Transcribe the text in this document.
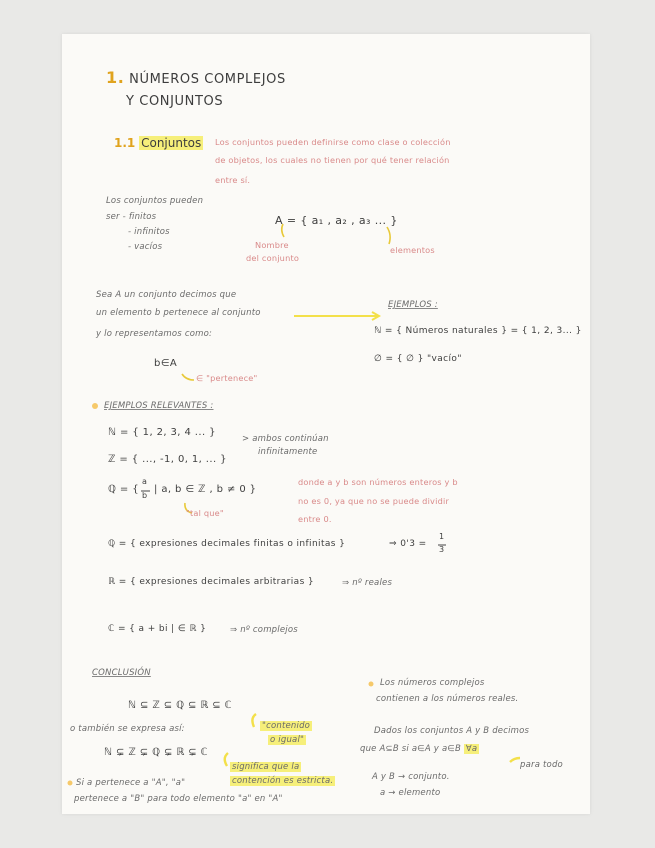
1. NÚMEROS COMPLEJOS
Y CONJUNTOS
1.1 Conjuntos Los conjuntos pueden definirse como clase o colección
de objetos, los cuales no tienen por qué tener relación
entre sí.
Los conjuntos pueden
ser - finitos
- infinitos
- vacíos
A = { a₁ , a₂ , a₃ ... }
Nombre
del conjunto
elementos
Sea A un conjunto decimos que
un elemento b pertenece al conjunto
y lo representamos como:
b∈A
∈ "pertenece"
EJEMPLOS :
ℕ = { Números naturales } = { 1, 2, 3... }
∅ = { ∅ } "vacío"
EJEMPLOS RELEVANTES :
ℕ = { 1, 2, 3, 4 ... }
ℤ = { ..., -1, 0, 1, ... }
> ambos continúan
infinitamente
ℚ = {
a
b
| a, b ∈ ℤ , b ≠ 0 }
donde a y b son números enteros y b
no es 0, ya que no se puede dividir
entre 0.
"tal que"
ℚ = { expresiones decimales finitas o infinitas }	⇒ 0'3 =
1
3
ℝ = { expresiones decimales arbitrarias }	⇒ nº reales
ℂ = { a + bi | ∈ ℝ }	⇒ nº complejos
CONCLUSIÓN
ℕ ⊆ ℤ ⊆ ℚ ⊆ ℝ ⊆ ℂ
o también se expresa así:	"contenido
o igual"
ℕ ⊊ ℤ ⊊ ℚ ⊊ ℝ ⊊ ℂ
significa que la
contención es estricta.
Si a pertenece a "A", "a"
pertenece a "B" para todo elemento "a" en "A"
Los números complejos
contienen a los números reales.
Dados los conjuntos A y B decimos
que A⊆B si a∈A y a∈B ∀a
para todo
A y B → conjunto.
a → elemento
